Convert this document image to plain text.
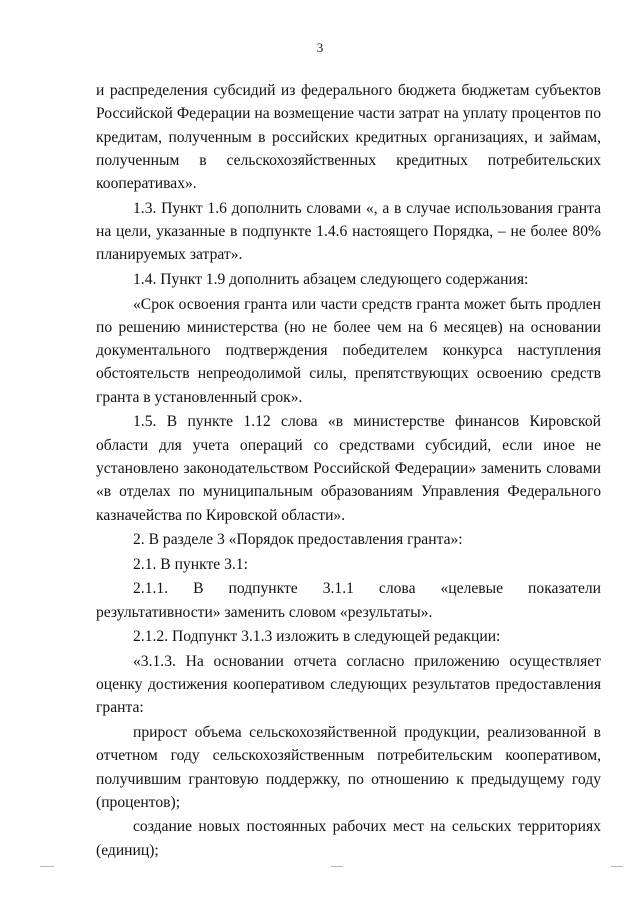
3

и распределения субсидий из федерального бюджета бюджетам субъектов Российской Федерации на возмещение части затрат на уплату процентов по кредитам, полученным в российских кредитных организациях, и займам, полученным в сельскохозяйственных кредитных потребительских кооперативах».

1.3. Пункт 1.6 дополнить словами «, а в случае использования гранта на цели, указанные в подпункте 1.4.6 настоящего Порядка, – не более 80% планируемых затрат».

1.4. Пункт 1.9 дополнить абзацем следующего содержания:

«Срок освоения гранта или части средств гранта может быть продлен по решению министерства (но не более чем на 6 месяцев) на основании документального подтверждения победителем конкурса наступления обстоятельств непреодолимой силы, препятствующих освоению средств гранта в установленный срок».

1.5. В пункте 1.12 слова «в министерстве финансов Кировской области для учета операций со средствами субсидий, если иное не установлено законодательством Российской Федерации» заменить словами «в отделах по муниципальным образованиям Управления Федерального казначейства по Кировской области».

2. В разделе 3 «Порядок предоставления гранта»:

2.1. В пункте 3.1:

2.1.1. В подпункте 3.1.1 слова «целевые показатели результативности» заменить словом «результаты».

2.1.2. Подпункт 3.1.3 изложить в следующей редакции:

«3.1.3. На основании отчета согласно приложению осуществляет оценку достижения кооперативом следующих результатов предоставления гранта:

прирост объема сельскохозяйственной продукции, реализованной в отчетном году сельскохозяйственным потребительским кооперативом, получившим грантовую поддержку, по отношению к предыдущему году (процентов);

создание новых постоянных рабочих мест на сельских территориях (единиц);
